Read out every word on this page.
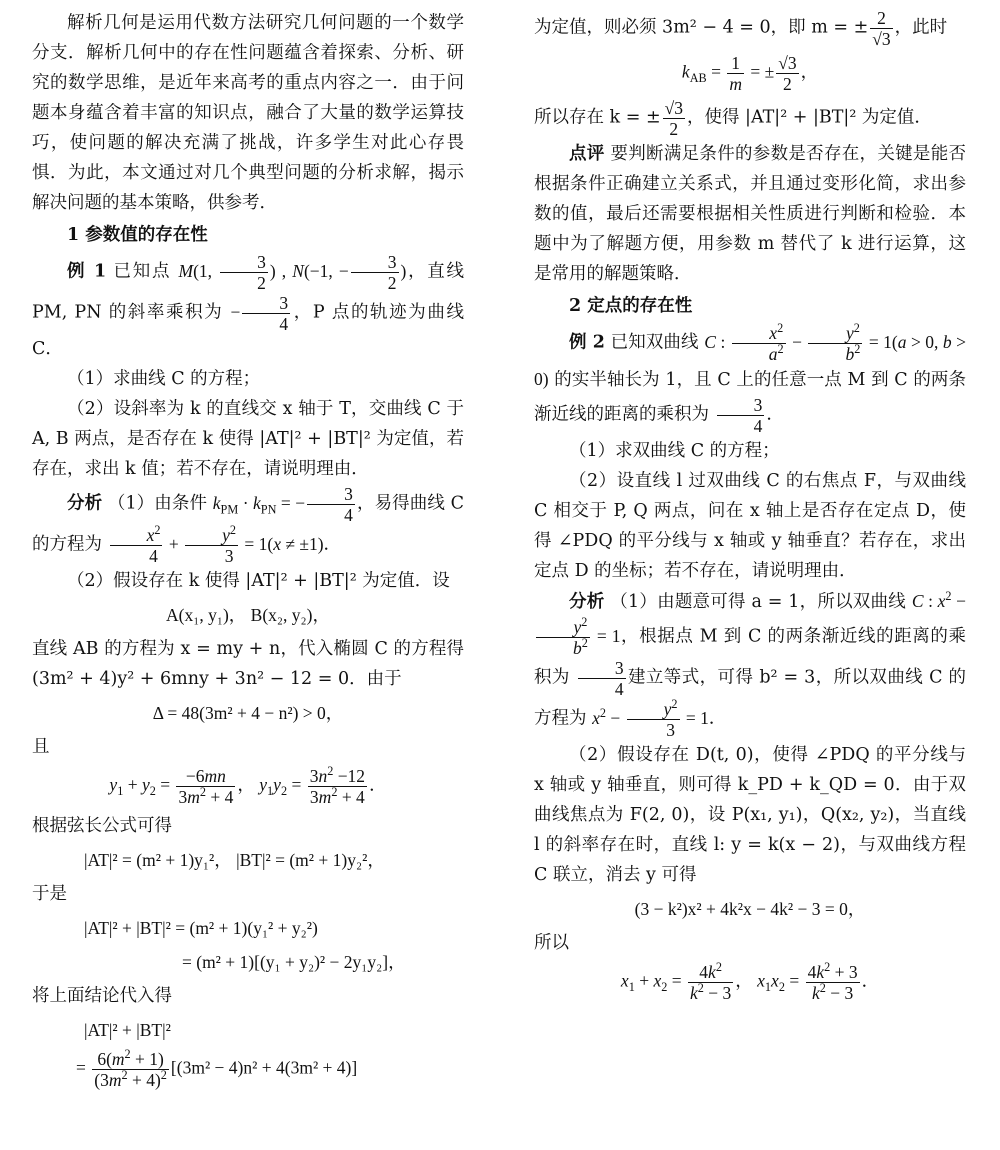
解析几何是运用代数方法研究几何问题的一个数学分支．解析几何中的存在性问题蕴含着探索、分析、研究的数学思维，是近年来高考的重点内容之一．由于问题本身蕴含着丰富的知识点，融合了大量的数学运算技巧，使问题的解决充满了挑战，许多学生对此心存畏惧．为此，本文通过对几个典型问题的分析求解，揭示解决问题的基本策略，供参考．

1 参数值的存在性

例 1 已知点 M(1, $\frac{3}{2}$ ) , N(−1, − $\frac{3}{2}$ )，直线 PM, PN 的斜率乘积为 − $\frac{3}{4}$ ，P 点的轨迹为曲线 C．

（1）求曲线 C 的方程；

（2）设斜率为 k 的直线交 x 轴于 T，交曲线 C 于 A, B 两点，是否存在 k 使得 |AT|² + |BT|² 为定值，若存在，求出 k 值；若不存在，请说明理由．

分析 （1）由条件 $k_{PM} \cdot k_{PN}$ = − $\frac{3}{4}$ ，易得曲线 C 的方程为 $\frac{x^2}{4} + \frac{y^2}{3} = 1(x \ne \pm 1)$．

（2）假设存在 k 使得 |AT|² + |BT|² 为定值．设

A(x₁, y₁)， B(x₂, y₂)，

直线 AB 的方程为 x = my + n，代入椭圆 C 的方程得 (3m² + 4)y² + 6mny + 3n² − 12 = 0．由于

Δ = 48(3m² + 4 − n²) > 0，

且

$y_1 + y_2 = \frac{-6mn}{3m^2 + 4}$ ， $y_1y_2 = \frac{3n^2 -12}{3m^2 + 4}$ ．

根据弦长公式可得

|AT|² = (m² + 1)y₁²， |BT|² = (m² + 1)y₂²，

于是

|AT|² + |BT|² = (m² + 1)(y₁² + y₂²)

= (m² + 1)[(y₁ + y₂)² − 2y₁y₂]，

将上面结论代入得

|AT|² + |BT|²

= $\frac{6(m^2 + 1)}{(3m^2 + 4)^2} [(3m^2 - 4)n^2 + 4(3m^2 + 4)]$

为定值，则必须 3m² − 4 = 0，即 m = ± $\frac{2}{√3}$ ，此时

$k_{AB} = \frac{1}{m}$ = ± $\frac{√3}{2}$ ，

所以存在 k = ± $\frac{√3}{2}$ ，使得 |AT|² + |BT|² 为定值．

点评 要判断满足条件的参数是否存在，关键是能否根据条件正确建立关系式，并且通过变形化简，求出参数的值，最后还需要根据相关性质进行判断和检验．本题中为了解题方便，用参数 m 替代了 k 进行运算，这是常用的解题策略．

2 定点的存在性

例 2 已知双曲线 C : $\frac{x^2}{a^2} - \frac{y^2}{b^2} = 1(a > 0$, b > 0) 的实半轴长为 1，且 C 上的任意一点 M 到 C 的两条渐近线的距离的乘积为 $\frac{3}{4}$ ．

（1）求双曲线 C 的方程；

（2）设直线 l 过双曲线 C 的右焦点 F，与双曲线 C 相交于 P, Q 两点，问在 x 轴上是否存在定点 D，使得 ∠PDQ 的平分线与 x 轴或 y 轴垂直？若存在，求出定点 D 的坐标；若不存在，请说明理由．

分析 （1）由题意可得 a = 1，所以双曲线 C : $x^2$ −
$\frac{y^2}{b^2} = 1$，根据点 M 到 C 的两条渐近线的距离的乘积为 $\frac{3}{4}$ 建立等式，可得 b² = 3，所以双曲线 C 的方程为 $x^2 - \frac{y^2}{3} = 1$．

（2）假设存在 D(t, 0)，使得 ∠PDQ 的平分线与 x 轴或 y 轴垂直，则可得 k_PD + k_QD = 0．由于双曲线焦点为 F(2, 0)，设 P(x₁, y₁)，Q(x₂, y₂)，当直线 l 的斜率存在时，直线 l: y = k(x − 2)，与双曲线方程 C 联立，消去 y 可得

(3 − k²)x² + 4k²x − 4k² − 3 = 0，

所以

$x_1 + x_2 = \frac{4k^2}{k^2 - 3}$ ， $x_1x_2 = \frac{4k^2 + 3}{k^2 - 3}$ ．
